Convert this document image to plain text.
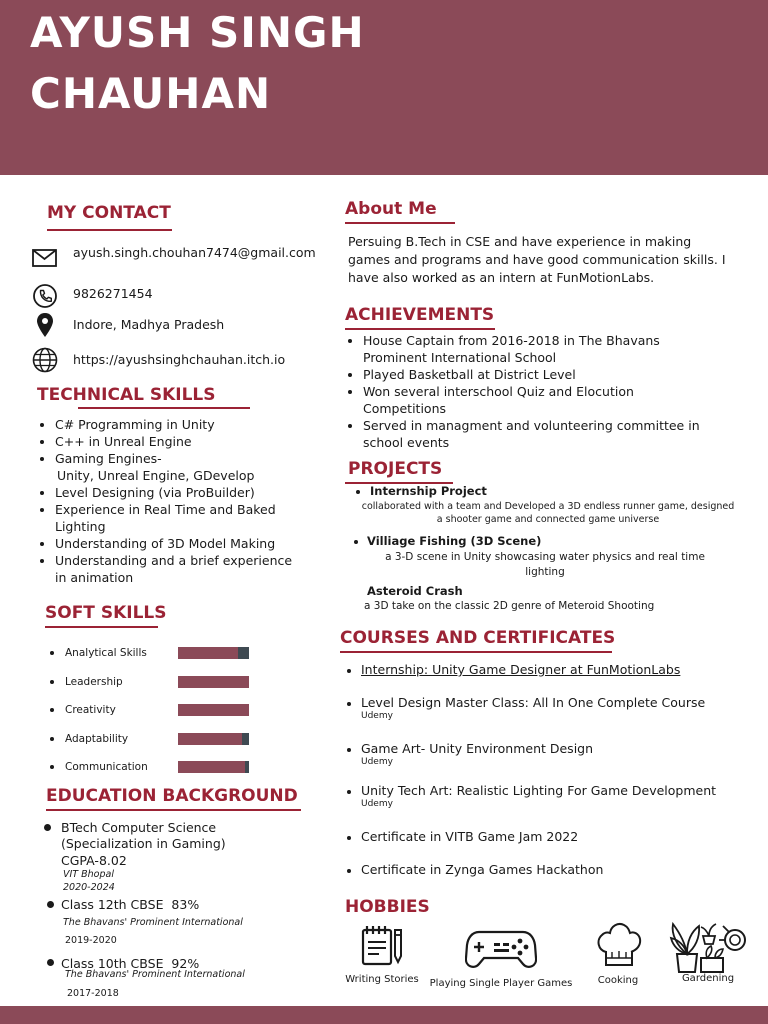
AYUSH SINGH CHAUHAN
MY CONTACT
ayush.singh.chouhan7474@gmail.com
9826271454
Indore, Madhya Pradesh
https://ayushsinghchauhan.itch.io
TECHNICAL SKILLS
C# Programming in Unity
C++ in Unreal Engine
Gaming Engines-
Unity, Unreal Engine, GDevelop
Level Designing (via ProBuilder)
Experience in Real Time and Baked Lighting
Understanding of 3D Model Making
Understanding and a brief experience in animation
SOFT SKILLS
Analytical Skills
Leadership
Creativity
Adaptability
Communication
EDUCATION BACKGROUND
BTech Computer Science (Specialization in Gaming)
CGPA-8.02
VIT Bhopal
2020-2024
Class 12th CBSE  83%
The Bhavans' Prominent International
2019-2020
Class 10th CBSE  92%
The Bhavans' Prominent International
2017-2018
About Me
Persuing B.Tech in CSE and have experience in making games and programs and have good communication skills. I have also worked as an intern at FunMotionLabs.
ACHIEVEMENTS
House Captain from 2016-2018 in The Bhavans Prominent International School
Played Basketball at District Level
Won several interschool Quiz and Elocution Competitions
Served in managment and volunteering committee in school events
PROJECTS
Internship Project
collaborated with a team and Developed a 3D endless runner game, designed a shooter game and connected game universe
Villiage Fishing (3D Scene)
a 3-D scene in Unity showcasing water physics and real time lighting
Asteroid Crash
a 3D take on the classic 2D genre of Meteroid Shooting
COURSES AND CERTIFICATES
Internship: Unity Game Designer at FunMotionLabs
Level Design Master Class: All In One Complete Course
Udemy
Game Art- Unity Environment Design
Udemy
Unity Tech Art: Realistic Lighting For Game Development
Udemy
Certificate in VITB Game Jam 2022
Certificate in Zynga Games Hackathon
HOBBIES
Writing Stories	Playing Single Player Games	Cooking	Gardening
